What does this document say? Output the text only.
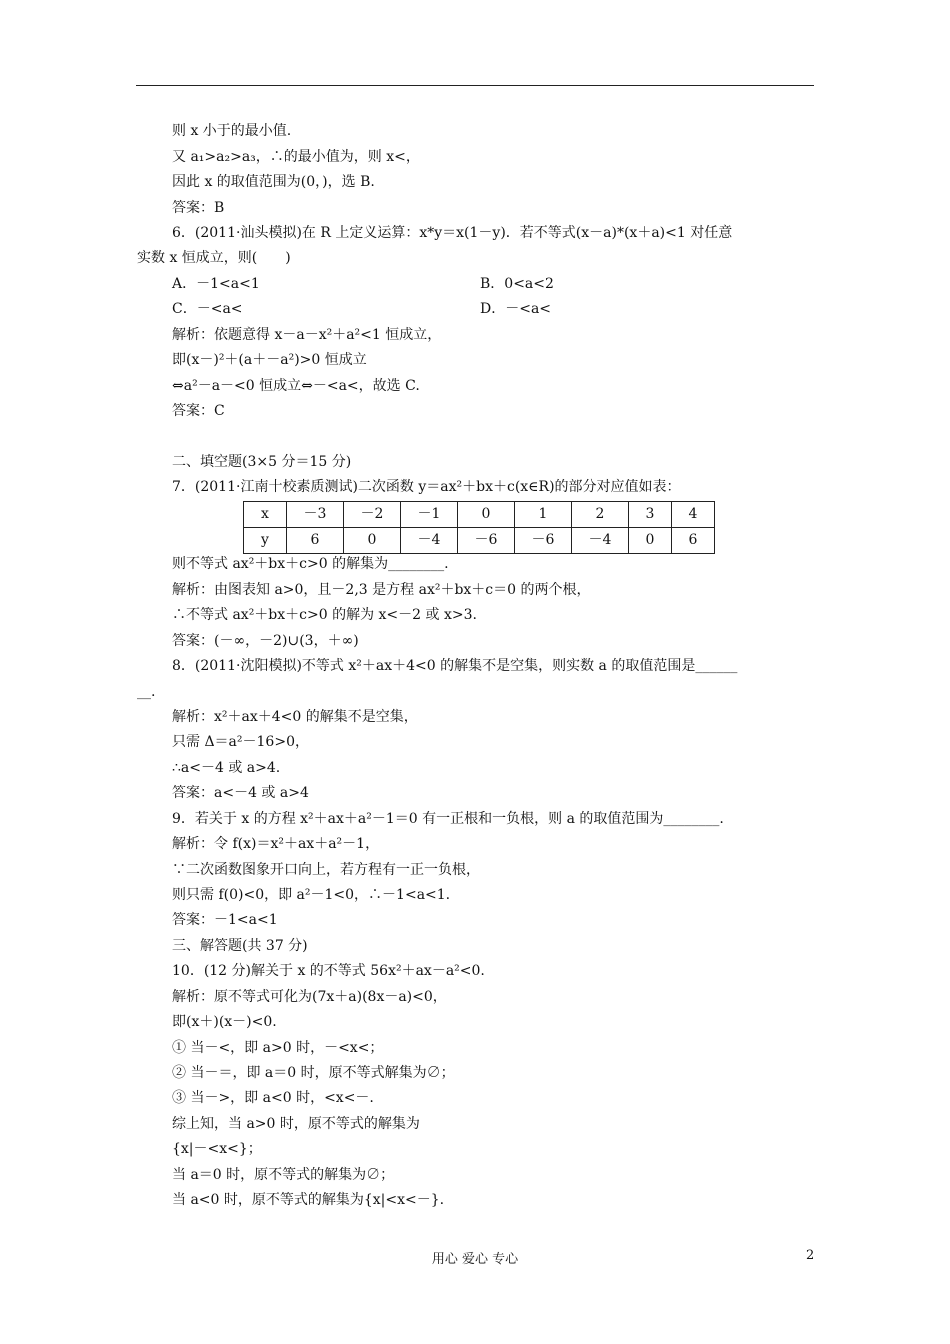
则 x 小于的最小值.
又 a₁>a₂>a₃，∴的最小值为，则 x<，
因此 x 的取值范围为(0，)，选 B.
答案：B
6．(2011·汕头模拟)在 R 上定义运算：x*y＝x(1－y)．若不等式(x－a)*(x＋a)<1 对任意
实数 x 恒成立，则(　　)
A．－1<a<1	B．0<a<2
C．－<a<	D．－<a<
解析：依题意得 x－a－x²＋a²<1 恒成立，
即(x－)²＋(a＋－a²)>0 恒成立
⇔a²－a－<0 恒成立⇔－<a<，故选 C.
答案：C
二、填空题(3×5 分＝15 分)
7．(2011·江南十校素质测试)二次函数 y＝ax²＋bx＋c(x∈R)的部分对应值如表：
x	－3	－2	－1	0	1	2	3	4
y	6	0	－4	－6	－6	－4	0	6
则不等式 ax²＋bx＋c>0 的解集为________.
解析：由图表知 a>0，且－2,3 是方程 ax²＋bx＋c＝0 的两个根，
∴不等式 ax²＋bx＋c>0 的解为 x<－2 或 x>3.
答案：(－∞，－2)∪(3，＋∞)
8．(2011·沈阳模拟)不等式 x²＋ax＋4<0 的解集不是空集，则实数 a 的取值范围是______
__.
解析：x²＋ax＋4<0 的解集不是空集，
只需 Δ＝a²－16>0，
∴a<－4 或 a>4.
答案：a<－4 或 a>4
9．若关于 x 的方程 x²＋ax＋a²－1＝0 有一正根和一负根，则 a 的取值范围为________.
解析：令 f(x)＝x²＋ax＋a²－1，
∵二次函数图象开口向上，若方程有一正一负根，
则只需 f(0)<0，即 a²－1<0，∴－1<a<1.
答案：－1<a<1
三、解答题(共 37 分)
10．(12 分)解关于 x 的不等式 56x²＋ax－a²<0.
解析：原不等式可化为(7x＋a)(8x－a)<0，
即(x＋)(x－)<0.
① 当－<，即 a>0 时，－<x<；
② 当－＝，即 a＝0 时，原不等式解集为∅；
③ 当－>，即 a<0 时，<x<－.
综上知，当 a>0 时，原不等式的解集为
{x|－<x<}；
当 a＝0 时，原不等式的解集为∅；
当 a<0 时，原不等式的解集为{x|<x<－}.
用心 爱心 专心	2
